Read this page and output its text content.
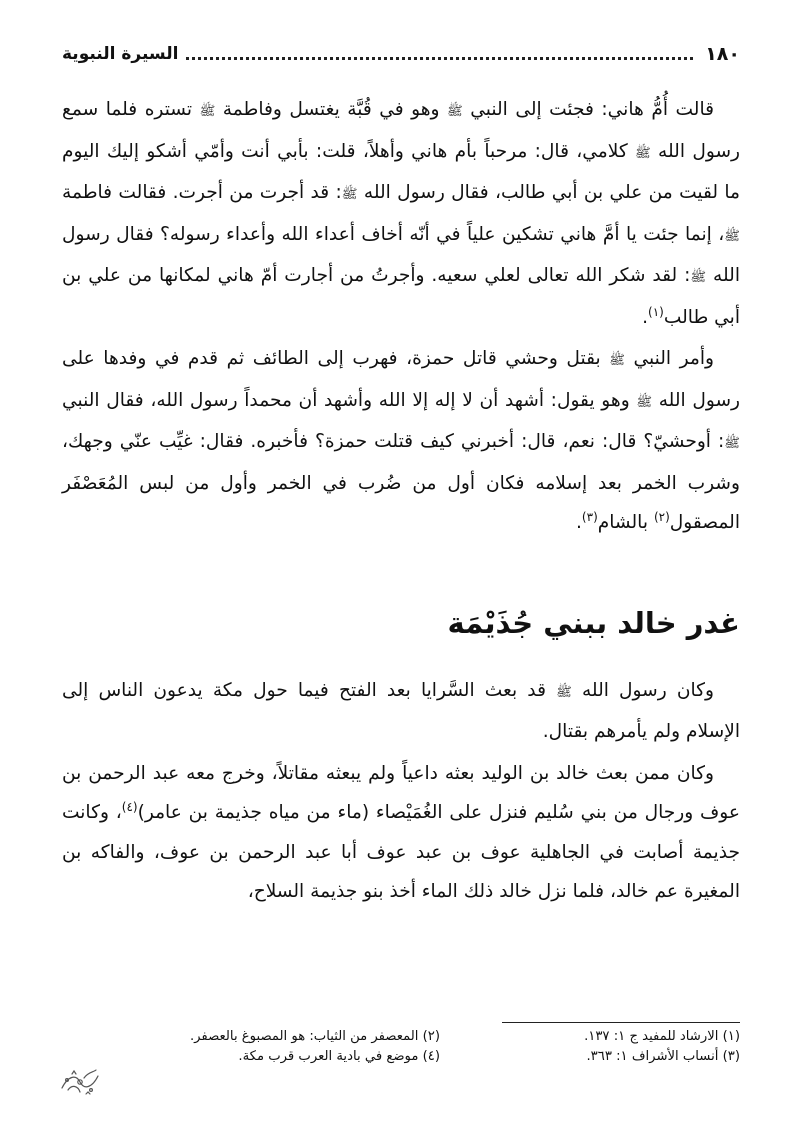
١٨٠
السيرة النبوية

قالت أُمُّ هاني: فجئت إلى النبي ﷺ وهو في قُبَّة يغتسل وفاطمة ﷺ تستره فلما سمع رسول الله ﷺ كلامي، قال: مرحباً بأم هاني وأهلاً، قلت: بأبي أنت وأمّي أشكو إليك اليوم ما لقيت من علي بن أبي طالب، فقال رسول الله ﷺ: قد أجرت من أجرت. فقالت فاطمة ﷺ، إنما جئت يا أمَّ هاني تشكين علياً في أنّه أخاف أعداء الله وأعداء رسوله؟ فقال رسول الله ﷺ: لقد شكر الله تعالى لعلي سعيه. وأجرتُ من أجارت أمّ هاني لمكانها من علي بن أبي طالب$^{(١)}$.

وأمر النبي ﷺ بقتل وحشي قاتل حمزة، فهرب إلى الطائف ثم قدم في وفدها على رسول الله ﷺ وهو يقول: أشهد أن لا إله إلا الله وأشهد أن محمداً رسول الله، فقال النبي ﷺ: أوحشيّ؟ قال: نعم، قال: أخبرني كيف قتلت حمزة؟ فأخبره. فقال: غيِّب عنّي وجهك، وشرب الخمر بعد إسلامه فكان أول من ضُرب في الخمر وأول من لبس المُعَصْفَر المصقول$^{(٢)}$ بالشام$^{(٣)}$.

غدر خالد ببني جُذَيْمَة

وكان رسول الله ﷺ قد بعث السَّرايا بعد الفتح فيما حول مكة يدعون الناس إلى الإسلام ولم يأمرهم بقتال.

وكان ممن بعث خالد بن الوليد بعثه داعياً ولم يبعثه مقاتلاً، وخرج معه عبد الرحمن بن عوف ورجال من بني سُليم فنزل على الغُمَيْصاء (ماء من مياه جذيمة بن عامر)$^{(٤)}$، وكانت جذيمة أصابت في الجاهلية عوف بن عبد عوف أبا عبد الرحمن بن عوف، والفاكه بن المغيرة عم خالد، فلما نزل خالد ذلك الماء أخذ بنو جذيمة السلاح،

(١) الارشاد للمفيد ج ١: ١٣٧.
(٢) المعصفر من الثياب: هو المصبوغ بالعصفر.
(٣) أنساب الأشراف ١: ٣٦٣.
(٤) موضع في بادية العرب قرب مكة.
